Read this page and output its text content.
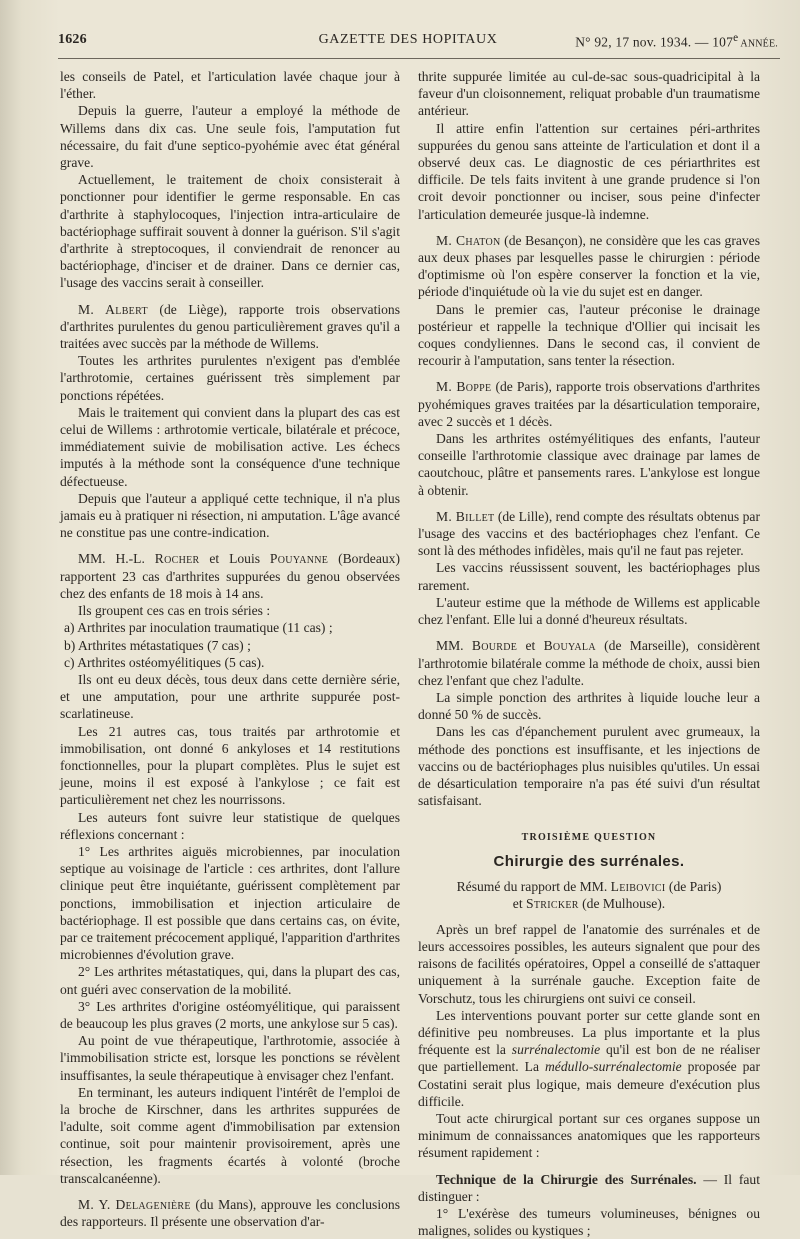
1626	GAZETTE DES HOPITAUX	N° 92, 17 nov. 1934. — 107e ANNÉE.

les conseils de Patel, et l'articulation lavée chaque jour à l'éther.

Depuis la guerre, l'auteur a employé la méthode de Willems dans dix cas. Une seule fois, l'amputation fut nécessaire, du fait d'une septico-pyohémie avec état général grave.

Actuellement, le traitement de choix consisterait à ponctionner pour identifier le germe responsable. En cas d'arthrite à staphylocoques, l'injection intra-articulaire de bactériophage suffirait souvent à donner la guérison. S'il s'agit d'arthrite à streptocoques, il conviendrait de renoncer au bactériophage, d'inciser et de drainer. Dans ce dernier cas, l'usage des vaccins serait à conseiller.

M. Albert (de Liège), rapporte trois observations d'arthrites purulentes du genou particulièrement graves qu'il a traitées avec succès par la méthode de Willems.

Toutes les arthrites purulentes n'exigent pas d'emblée l'arthrotomie, certaines guérissent très simplement par ponctions répétées.

Mais le traitement qui convient dans la plupart des cas est celui de Willems : arthrotomie verticale, bilatérale et précoce, immédiatement suivie de mobilisation active. Les échecs imputés à la méthode sont la conséquence d'une technique défectueuse.

Depuis que l'auteur a appliqué cette technique, il n'a plus jamais eu à pratiquer ni résection, ni amputation. L'âge avancé ne constitue pas une contre-indication.

MM. H.-L. Rocher et Louis Pouyanne (Bordeaux) rapportent 23 cas d'arthrites suppurées du genou observées chez des enfants de 18 mois à 14 ans.

Ils groupent ces cas en trois séries :

a) Arthrites par inoculation traumatique (11 cas) ;

b) Arthrites métastatiques (7 cas) ;

c) Arthrites ostéomyélitiques (5 cas).

Ils ont eu deux décès, tous deux dans cette dernière série, et une amputation, pour une arthrite suppurée post-scarlatineuse.

Les 21 autres cas, tous traités par arthrotomie et immobilisation, ont donné 6 ankyloses et 14 restitutions fonctionnelles, pour la plupart complètes. Plus le sujet est jeune, moins il est exposé à l'ankylose ; ce fait est particulièrement net chez les nourrissons.

Les auteurs font suivre leur statistique de quelques réflexions concernant :

1° Les arthrites aiguës microbiennes, par inoculation septique au voisinage de l'article : ces arthrites, dont l'allure clinique peut être inquiétante, guérissent complètement par ponctions, immobilisation et injection articulaire de bactériophage. Il est possible que dans certains cas, on évite, par ce traitement précocement appliqué, l'apparition d'arthrites microbiennes d'évolution grave.

2° Les arthrites métastatiques, qui, dans la plupart des cas, ont guéri avec conservation de la mobilité.

3° Les arthrites d'origine ostéomyélitique, qui paraissent de beaucoup les plus graves (2 morts, une ankylose sur 5 cas).

Au point de vue thérapeutique, l'arthrotomie, associée à l'immobilisation stricte est, lorsque les ponctions se révèlent insuffisantes, la seule thérapeutique à envisager chez l'enfant.

En terminant, les auteurs indiquent l'intérêt de l'emploi de la broche de Kirschner, dans les arthrites suppurées de l'adulte, soit comme agent d'immobilisation par extension continue, soit pour maintenir provisoirement, après une résection, les fragments écartés à volonté (broche transcalcanéenne).

M. Y. Delagenière (du Mans), approuve les conclusions des rapporteurs. Il présente une observation d'ar-

thrite suppurée limitée au cul-de-sac sous-quadricipital à la faveur d'un cloisonnement, reliquat probable d'un traumatisme antérieur.

Il attire enfin l'attention sur certaines péri-arthrites suppurées du genou sans atteinte de l'articulation et dont il a observé deux cas. Le diagnostic de ces périarthrites est difficile. De tels faits invitent à une grande prudence si l'on croit devoir ponctionner ou inciser, sous peine d'infecter l'articulation demeurée jusque-là indemne.

M. Chaton (de Besançon), ne considère que les cas graves aux deux phases par lesquelles passe le chirurgien : période d'optimisme où l'on espère conserver la fonction et la vie, période d'inquiétude où la vie du sujet est en danger.

Dans le premier cas, l'auteur préconise le drainage postérieur et rappelle la technique d'Ollier qui incisait les coques condyliennes. Dans le second cas, il convient de recourir à l'amputation, sans tenter la résection.

M. Boppe (de Paris), rapporte trois observations d'arthrites pyohémiques graves traitées par la désarticulation temporaire, avec 2 succès et 1 décès.

Dans les arthrites ostémyélitiques des enfants, l'auteur conseille l'arthrotomie classique avec drainage par lames de caoutchouc, plâtre et pansements rares. L'ankylose est longue à obtenir.

M. Billet (de Lille), rend compte des résultats obtenus par l'usage des vaccins et des bactériophages chez l'enfant. Ce sont là des méthodes infidèles, mais qu'il ne faut pas rejeter.

Les vaccins réussissent souvent, les bactériophages plus rarement.

L'auteur estime que la méthode de Willems est applicable chez l'enfant. Elle lui a donné d'heureux résultats.

MM. Bourde et Bouyala (de Marseille), considèrent l'arthrotomie bilatérale comme la méthode de choix, aussi bien chez l'enfant que chez l'adulte.

La simple ponction des arthrites à liquide louche leur a donné 50 % de succès.

Dans les cas d'épanchement purulent avec grumeaux, la méthode des ponctions est insuffisante, et les injections de vaccins ou de bactériophages plus nuisibles qu'utiles. Un essai de désarticulation temporaire n'a pas été suivi d'un résultat satisfaisant.

TROISIÈME QUESTION

Chirurgie des surrénales.

Résumé du rapport de MM. Leibovici (de Paris)
et Stricker (de Mulhouse).

Après un bref rappel de l'anatomie des surrénales et de leurs accessoires possibles, les auteurs signalent que pour des raisons de facilités opératoires, Oppel a conseillé de s'attaquer uniquement à la surrénale gauche. Exception faite de Vorschutz, tous les chirurgiens ont suivi ce conseil.

Les interventions pouvant porter sur cette glande sont en définitive peu nombreuses. La plus importante et la plus fréquente est la surrénalectomie qu'il est bon de ne réaliser que partiellement. La médullo-surrénalectomie proposée par Costatini serait plus logique, mais demeure d'exécution plus difficile.

Tout acte chirurgical portant sur ces organes suppose un minimum de connaissances anatomiques que les rapporteurs résument rapidement :

Technique de la Chirurgie des Surrénales. — Il faut distinguer :

1° L'exérèse des tumeurs volumineuses, bénignes ou malignes, solides ou kystiques ;
